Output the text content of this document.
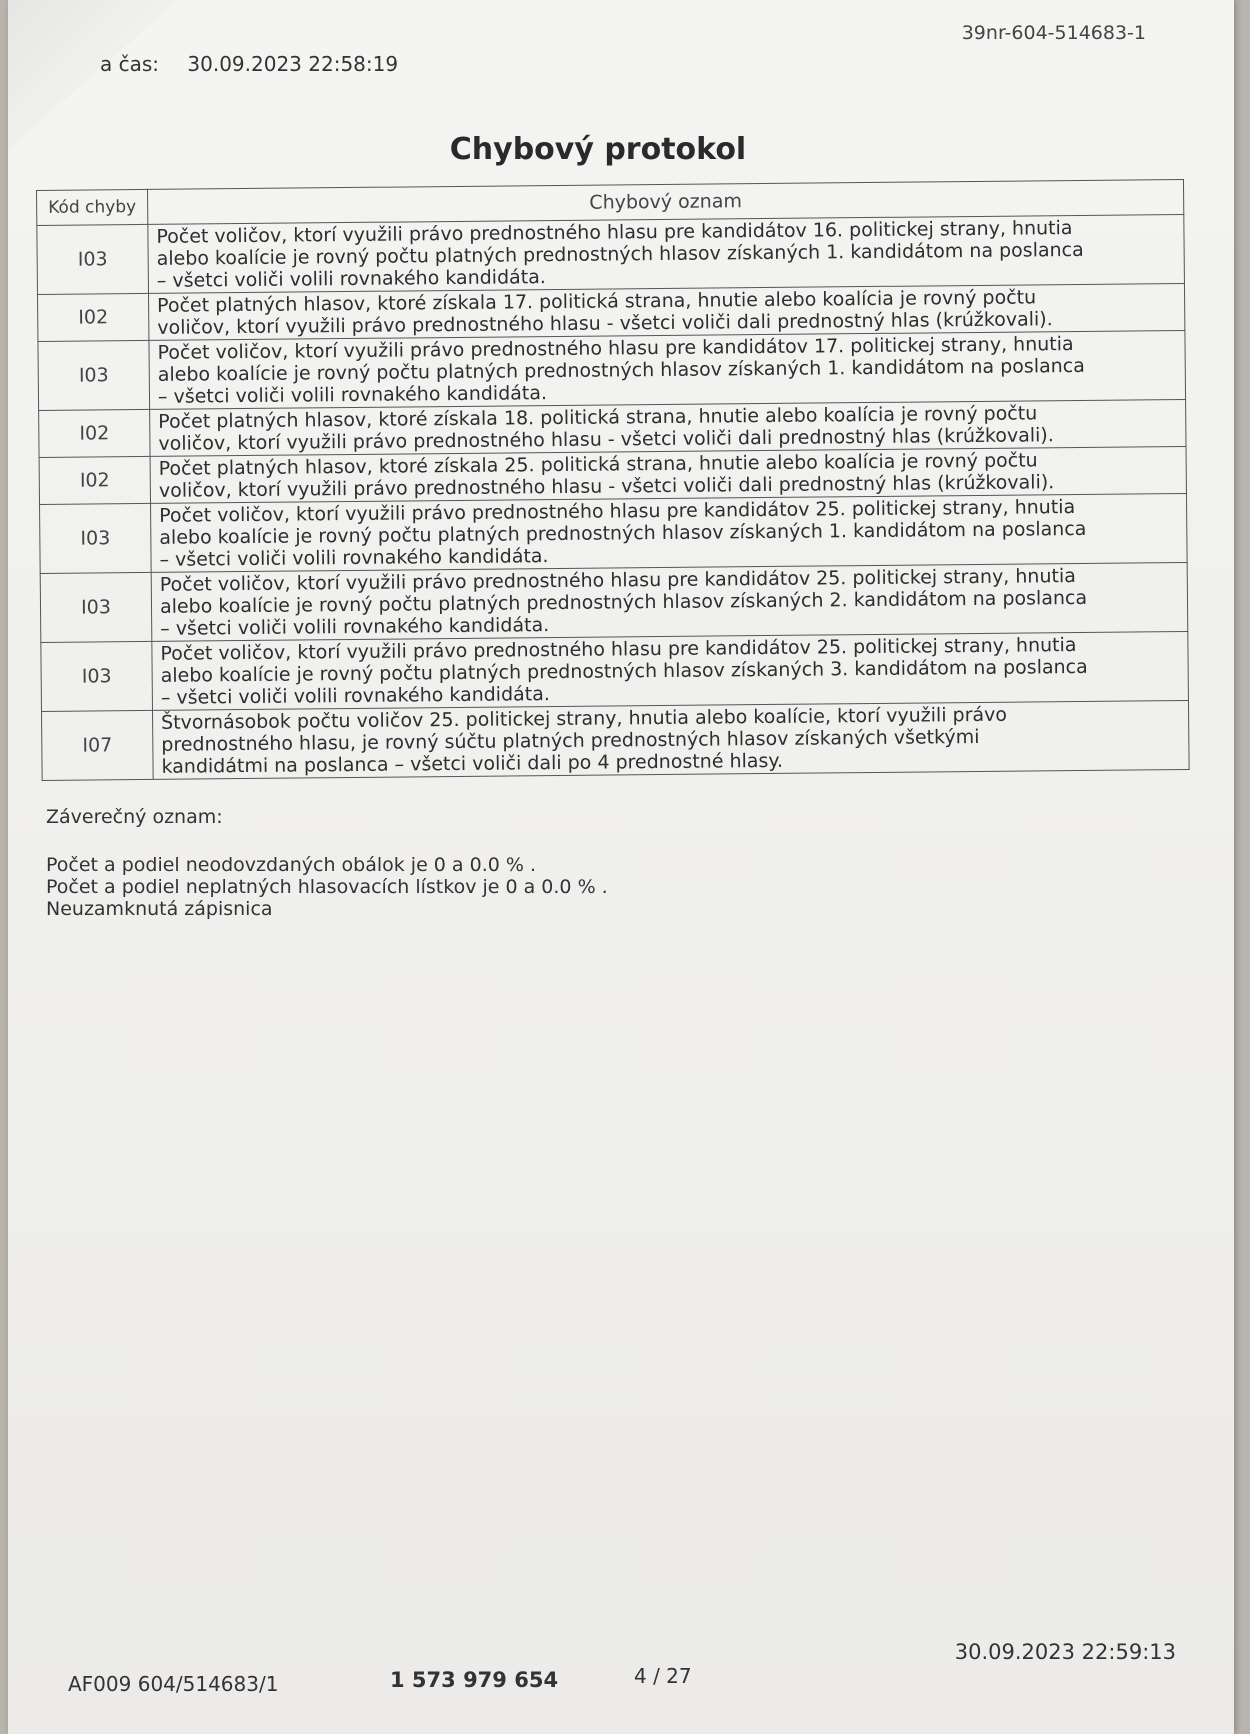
a čas: 30.09.2023 22:58:19
39nr-604-514683-1
Chybový protokol
Kód chyby	Chybový oznam
I03	Počet voličov, ktorí využili právo prednostného hlasu pre kandidátov 16. politickej strany, hnutia
alebo koalície je rovný počtu platných prednostných hlasov získaných 1. kandidátom na poslanca
– všetci voliči volili rovnakého kandidáta.

I02	Počet platných hlasov, ktoré získala 17. politická strana, hnutie alebo koalícia je rovný počtu
voličov, ktorí využili právo prednostného hlasu - všetci voliči dali prednostný hlas (krúžkovali).

I03	Počet voličov, ktorí využili právo prednostného hlasu pre kandidátov 17. politickej strany, hnutia
alebo koalície je rovný počtu platných prednostných hlasov získaných 1. kandidátom na poslanca
– všetci voliči volili rovnakého kandidáta.

I02	Počet platných hlasov, ktoré získala 18. politická strana, hnutie alebo koalícia je rovný počtu
voličov, ktorí využili právo prednostného hlasu - všetci voliči dali prednostný hlas (krúžkovali).

I02	Počet platných hlasov, ktoré získala 25. politická strana, hnutie alebo koalícia je rovný počtu
voličov, ktorí využili právo prednostného hlasu - všetci voliči dali prednostný hlas (krúžkovali).

I03	Počet voličov, ktorí využili právo prednostného hlasu pre kandidátov 25. politickej strany, hnutia
alebo koalície je rovný počtu platných prednostných hlasov získaných 1. kandidátom na poslanca
– všetci voliči volili rovnakého kandidáta.

I03	Počet voličov, ktorí využili právo prednostného hlasu pre kandidátov 25. politickej strany, hnutia
alebo koalície je rovný počtu platných prednostných hlasov získaných 2. kandidátom na poslanca
– všetci voliči volili rovnakého kandidáta.

I03	Počet voličov, ktorí využili právo prednostného hlasu pre kandidátov 25. politickej strany, hnutia
alebo koalície je rovný počtu platných prednostných hlasov získaných 3. kandidátom na poslanca
– všetci voliči volili rovnakého kandidáta.

I07	Štvornásobok počtu voličov 25. politickej strany, hnutia alebo koalície, ktorí využili právo
prednostného hlasu, je rovný súčtu platných prednostných hlasov získaných všetkými
kandidátmi na poslanca – všetci voliči dali po 4 prednostné hlasy.
Záverečný oznam:
Počet a podiel neodovzdaných obálok je 0 a 0.0 % .
Počet a podiel neplatných hlasovacích lístkov je 0 a 0.0 % .
Neuzamknutá zápisnica
AF009 604/514683/1	1 573 979 654	4 / 27
30.09.2023 22:59:13
